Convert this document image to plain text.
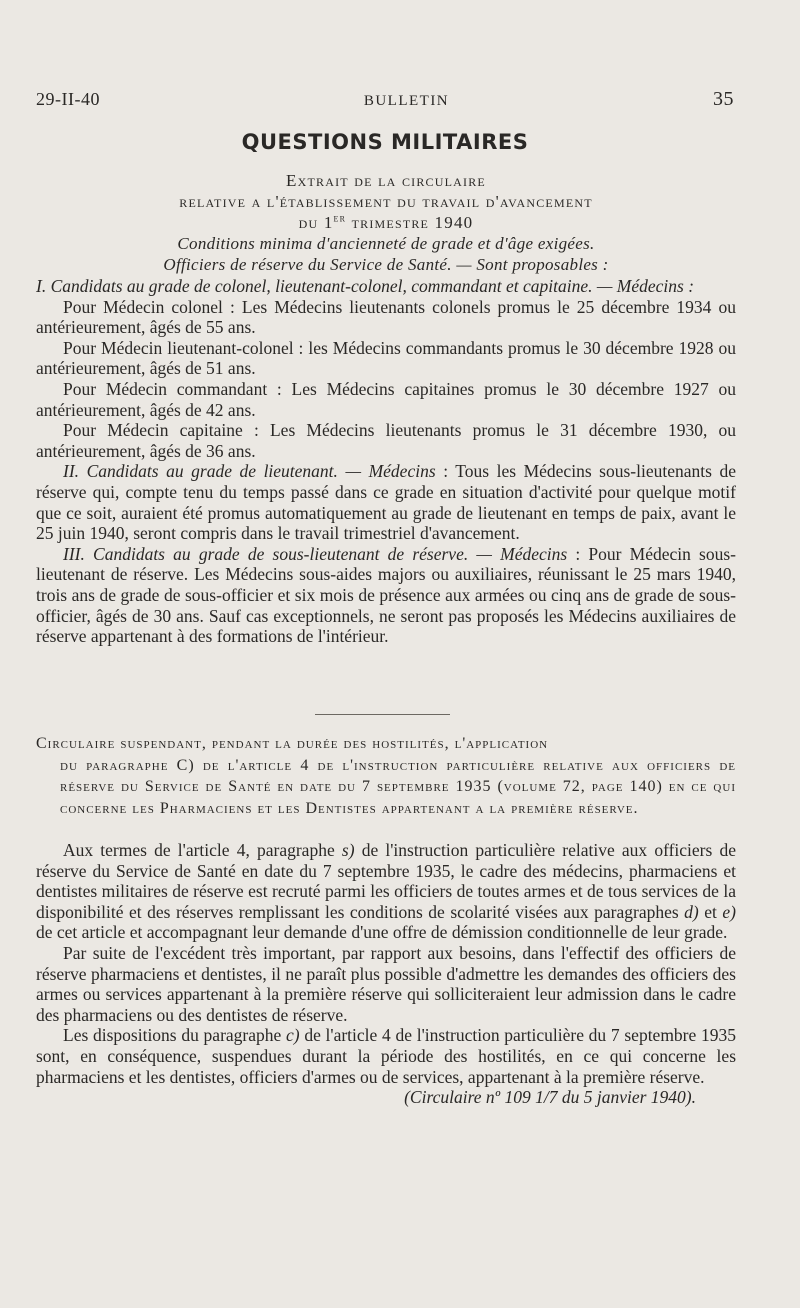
29-II-40	BULLETIN	35
QUESTIONS MILITAIRES
Extrait de la circulaire
relative a l'établissement du travail d'avancement
du 1er trimestre 1940
Conditions minima d'ancienneté de grade et d'âge exigées.
Officiers de réserve du Service de Santé. — Sont proposables :

I. Candidats au grade de colonel, lieutenant-colonel, commandant et capitaine. — Médecins :

Pour Médecin colonel : Les Médecins lieutenants colonels promus le 25 décembre 1934 ou antérieurement, âgés de 55 ans.

Pour Médecin lieutenant-colonel : les Médecins commandants promus le 30 décembre 1928 ou antérieurement, âgés de 51 ans.

Pour Médecin commandant : Les Médecins capitaines promus le 30 décembre 1927 ou antérieurement, âgés de 42 ans.

Pour Médecin capitaine : Les Médecins lieutenants promus le 31 décembre 1930, ou antérieurement, âgés de 36 ans.

II. Candidats au grade de lieutenant. — Médecins : Tous les Médecins sous-lieutenants de réserve qui, compte tenu du temps passé dans ce grade en situation d'activité pour quelque motif que ce soit, auraient été promus automatiquement au grade de lieutenant en temps de paix, avant le 25 juin 1940, seront compris dans le travail trimestriel d'avancement.

III. Candidats au grade de sous-lieutenant de réserve. — Médecins : Pour Médecin sous-lieutenant de réserve. Les Médecins sous-aides majors ou auxiliaires, réunissant le 25 mars 1940, trois ans de grade de sous-officier et six mois de présence aux armées ou cinq ans de grade de sous-officier, âgés de 30 ans. Sauf cas exceptionnels, ne seront pas proposés les Médecins auxiliaires de réserve appartenant à des formations de l'intérieur.

Circulaire suspendant, pendant la durée des hostilités, l'application
du paragraphe C) de l'article 4 de l'instruction particulière relative aux officiers de réserve du Service de Santé en date du 7 septembre 1935 (volume 72, page 140) en ce qui concerne les Pharmaciens et les Dentistes appartenant a la première réserve.

Aux termes de l'article 4, paragraphe s) de l'instruction particulière relative aux officiers de réserve du Service de Santé en date du 7 septembre 1935, le cadre des médecins, pharmaciens et dentistes militaires de réserve est recruté parmi les officiers de toutes armes et de tous services de la disponibilité et des réserves remplissant les conditions de scolarité visées aux paragraphes d) et e) de cet article et accompagnant leur demande d'une offre de démission conditionnelle de leur grade.

Par suite de l'excédent très important, par rapport aux besoins, dans l'effectif des officiers de réserve pharmaciens et dentistes, il ne paraît plus possible d'admettre les demandes des officiers des armes ou services appartenant à la première réserve qui solliciteraient leur admission dans le cadre des pharmaciens ou des dentistes de réserve.

Les dispositions du paragraphe c) de l'article 4 de l'instruction particulière du 7 septembre 1935 sont, en conséquence, suspendues durant la période des hostilités, en ce qui concerne les pharmaciens et les dentistes, officiers d'armes ou de services, appartenant à la première réserve.

(Circulaire nº 109 1/7 du 5 janvier 1940).
